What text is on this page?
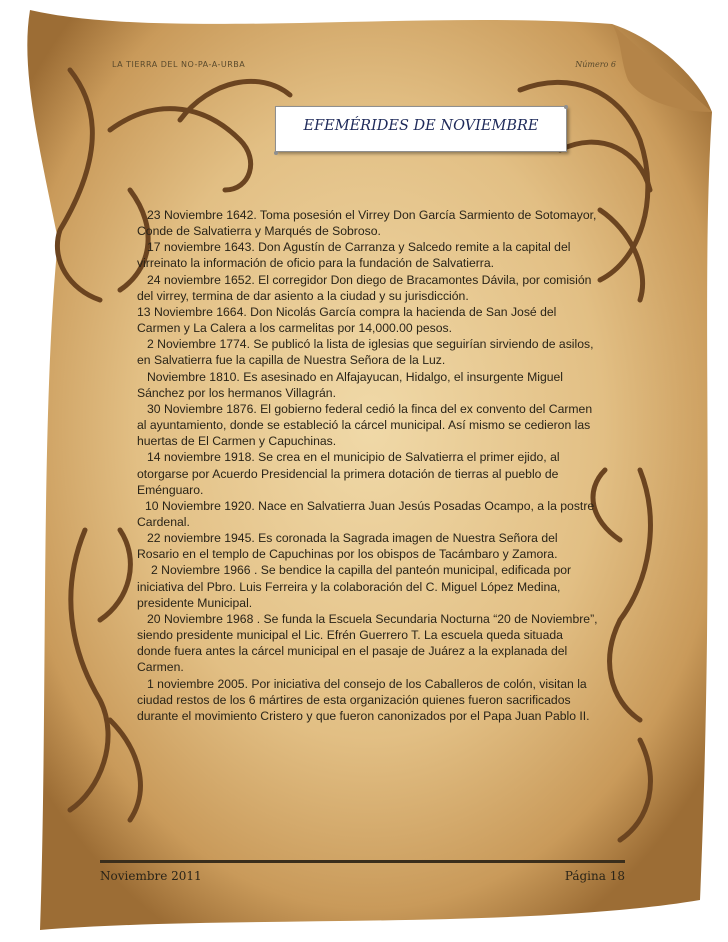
LA TIERRA DEL NO-PA-A-URBA	Número 6
EFEMÉRIDES DE NOVIEMBRE

23 Noviembre 1642. Toma posesión el Virrey Don García Sarmiento de Sotomayor, Conde de Salvatierra y Marqués de Sobroso.

17 noviembre 1643. Don Agustín de Carranza y Salcedo remite a la capital del virreinato la información de oficio para la fundación de Salvatierra.

24 noviembre 1652. El corregidor Don diego de Bracamontes Dávila, por comisión del virrey, termina de dar asiento a la ciudad y su jurisdicción.

13 Noviembre 1664. Don Nicolás García compra la hacienda de San José del Carmen y La Calera a los carmelitas por 14,000.00 pesos.

2 Noviembre 1774. Se publicó la lista de iglesias que seguirían sirviendo de asilos, en Salvatierra fue la capilla de Nuestra Señora de la Luz.

Noviembre 1810. Es asesinado en Alfajayucan, Hidalgo, el insurgente Miguel Sánchez por los hermanos Villagrán.

30 Noviembre 1876. El gobierno federal cedió la finca del ex convento del Carmen al ayuntamiento, donde se estableció la cárcel municipal. Así mismo se cedieron las huertas de El Carmen y Capuchinas.

14 noviembre 1918. Se crea en el municipio de Salvatierra el primer ejido, al otorgarse por Acuerdo Presidencial la primera dotación de tierras al pueblo de Eménguaro.

10 Noviembre 1920. Nace en Salvatierra Juan Jesús Posadas Ocampo, a la postre Cardenal.

22 noviembre 1945. Es coronada la Sagrada imagen de Nuestra Señora del Rosario en el templo de Capuchinas por los obispos de Tacámbaro y Zamora.

2 Noviembre 1966 . Se bendice la capilla del panteón municipal, edificada por iniciativa del Pbro. Luis Ferreira y la colaboración del C. Miguel López Medina, presidente Municipal.

20 Noviembre 1968 . Se funda la Escuela Secundaria Nocturna “20 de Noviembre”, siendo presidente municipal el Lic. Efrén Guerrero T. La escuela queda situada donde fuera antes la cárcel municipal en el pasaje de Juárez a la explanada del Carmen.

1 noviembre 2005. Por iniciativa del consejo de los Caballeros de colón, visitan la ciudad restos de los 6 mártires de esta organización quienes fueron sacrificados durante el movimiento Cristero y que fueron canonizados por el Papa Juan Pablo II.

Noviembre 2011	Página 18
